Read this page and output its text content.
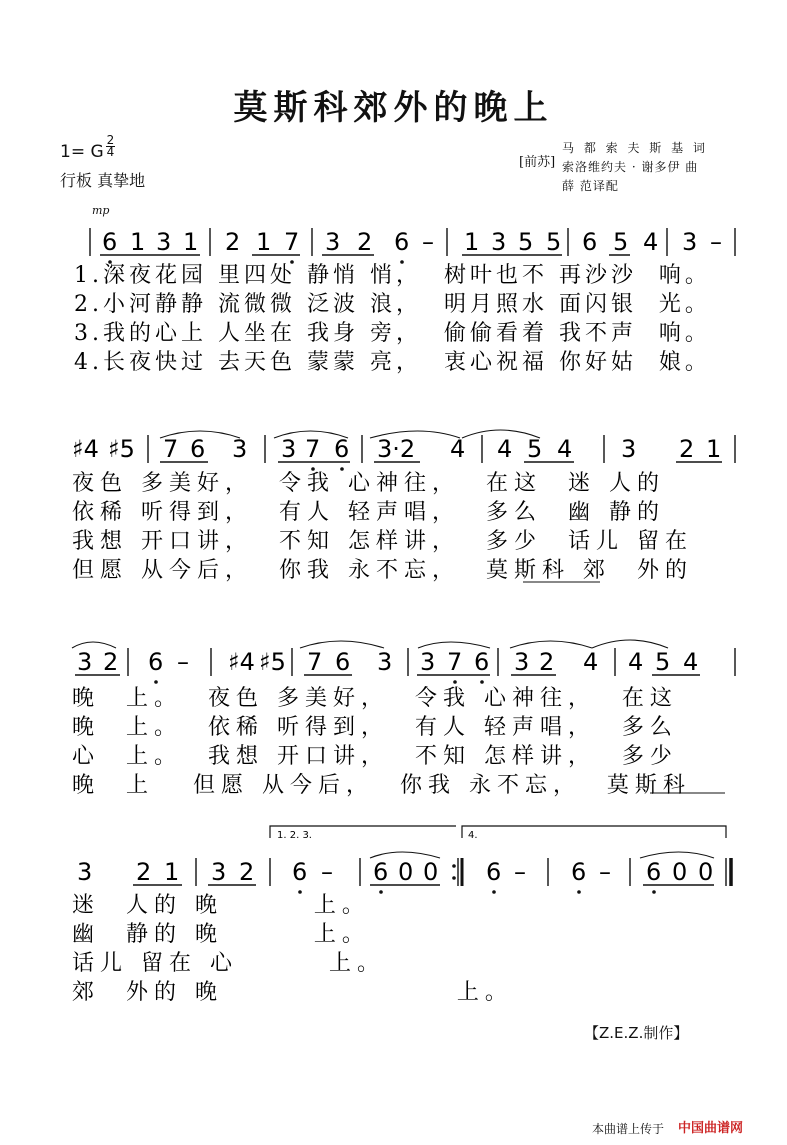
莫斯科郊外的晚上
1= G
2
4
行板 真挚地
[前苏]
马 都 索 夫 斯 基 词
索洛维约夫 · 谢多伊 曲
薛 范译配
mp
1. 2. 3.	4.
6 1 3 1 2 1 7 3 2 6 – 1 3 5 5 6 5 4 3 –
♯4 ♯5 7 6 3 3 7 6 3·2 4 4 5 4 3 2 1
3 2 6 – ♯4 ♯5 7 6 3 3 7 6 3 2 4 4 5 4
3 2 1 3 2 6 – 6 0 0 6 – 6 – 6 0 0
1.深夜花园 里四处 静悄 悄，  树叶也不 再沙沙  响。
2.小河静静 流微微 泛波 浪，  明月照水 面闪银  光。
3.我的心上 人坐在 我身 旁，  偷偷看着 我不声  响。
4.长夜快过 去天色 蒙蒙 亮，  衷心祝福 你好姑  娘。
夜色 多美好，  令我 心神往，  在这  迷 人的
依稀 听得到，  有人 轻声唱，  多么  幽 静的
我想 开口讲，  不知 怎样讲，  多少  话儿 留在
但愿 从今后，  你我 永不忘，  莫斯科 郊  外的
晚  上。  夜色 多美好，  令我 心神往，  在这
晚  上。  依稀 听得到，  有人 轻声唱，  多么
心  上。  我想 开口讲，  不知 怎样讲，  多少
晚  上   但愿 从今后，  你我 永不忘，  莫斯科
迷  人的 晚       上。
幽  静的 晚       上。
话儿 留在 心       上。
郊  外的 晚                  上。
【Z.E.Z.制作】
本曲谱上传于 中国曲谱网
